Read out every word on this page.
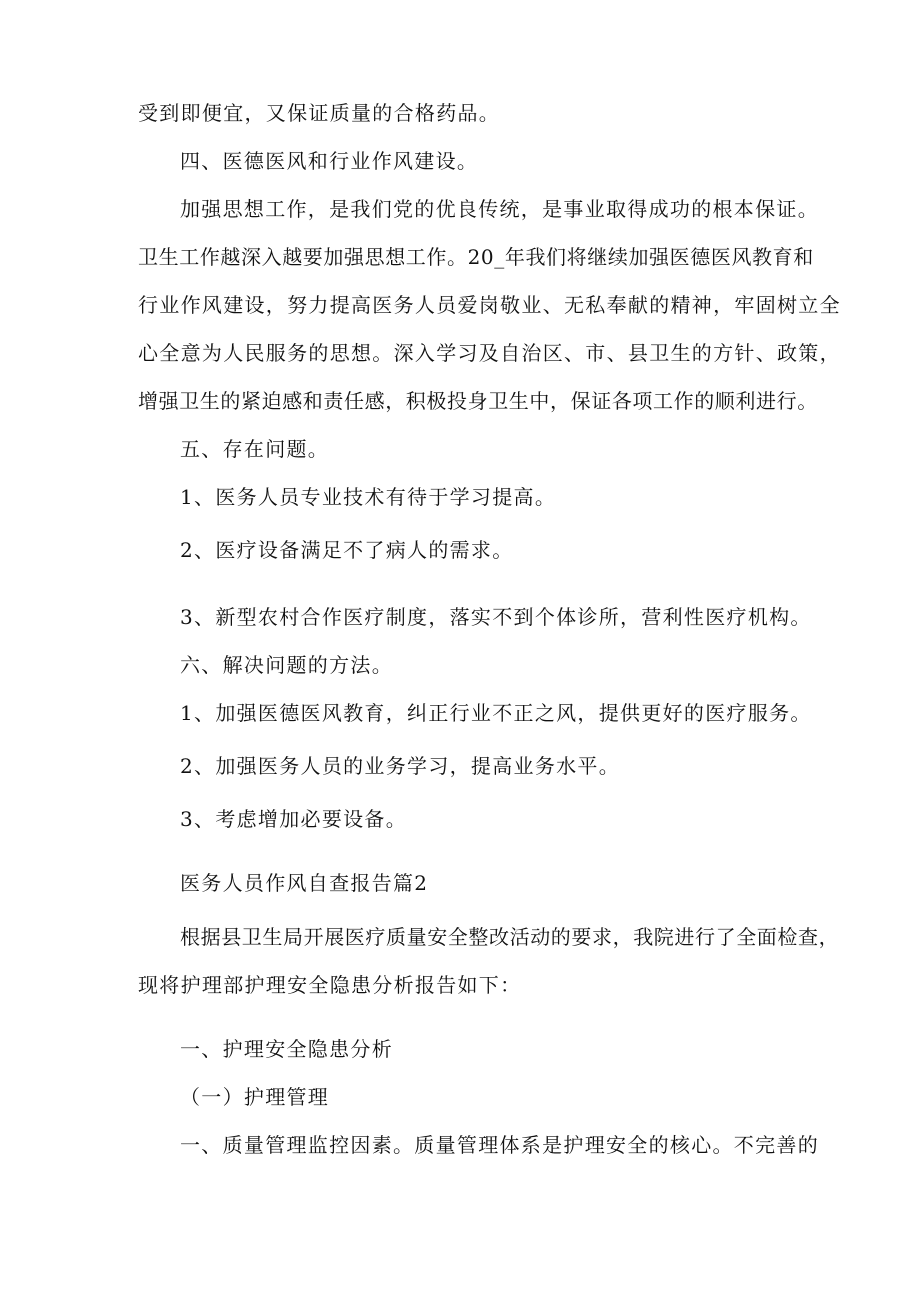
受到即便宜，又保证质量的合格药品。
四、医德医风和行业作风建设。
加强思想工作，是我们党的优良传统，是事业取得成功的根本保证。
卫生工作越深入越要加强思想工作。20_年我们将继续加强医德医风教育和
行业作风建设，努力提高医务人员爱岗敬业、无私奉献的精神，牢固树立全
心全意为人民服务的思想。深入学习及自治区、市、县卫生的方针、政策，
增强卫生的紧迫感和责任感，积极投身卫生中，保证各项工作的顺利进行。
五、存在问题。
1、医务人员专业技术有待于学习提高。
2、医疗设备满足不了病人的需求。
3、新型农村合作医疗制度，落实不到个体诊所，营利性医疗机构。
六、解决问题的方法。
1、加强医德医风教育，纠正行业不正之风，提供更好的医疗服务。
2、加强医务人员的业务学习，提高业务水平。
3、考虑增加必要设备。
医务人员作风自查报告篇2
根据县卫生局开展医疗质量安全整改活动的要求，我院进行了全面检查，
现将护理部护理安全隐患分析报告如下：
一、护理安全隐患分析
（一）护理管理
一、质量管理监控因素。质量管理体系是护理安全的核心。不完善的
